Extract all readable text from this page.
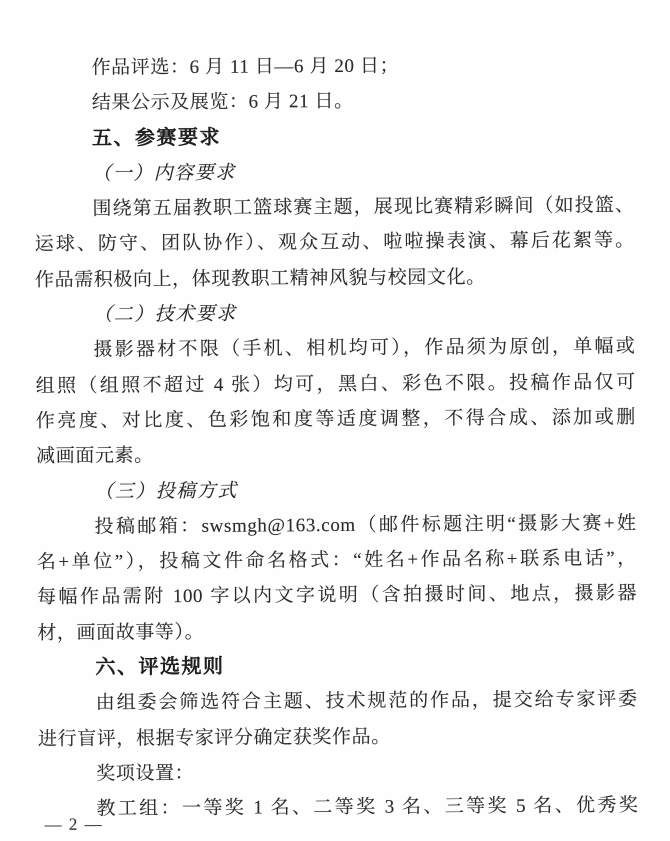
作品评选：6 月 11 日—6 月 20 日；
结果公示及展览：6 月 21 日。
五、参赛要求
（一）内容要求
围绕第五届教职工篮球赛主题，展现比赛精彩瞬间（如投篮、
运球、防守、团队协作）、观众互动、啦啦操表演、幕后花絮等。
作品需积极向上，体现教职工精神风貌与校园文化。
（二）技术要求
摄影器材不限（手机、相机均可），作品须为原创，单幅或
组照（组照不超过 4 张）均可，黑白、彩色不限。投稿作品仅可
作亮度、对比度、色彩饱和度等适度调整，不得合成、添加或删
减画面元素。
（三）投稿方式
投稿邮箱：swsmgh@163.com（邮件标题注明“摄影大赛+姓
名+单位”），投稿文件命名格式：“姓名+作品名称+联系电话”，
每幅作品需附 100 字以内文字说明（含拍摄时间、地点，摄影器
材，画面故事等）。
六、评选规则
由组委会筛选符合主题、技术规范的作品，提交给专家评委
进行盲评，根据专家评分确定获奖作品。
奖项设置：
教工组：一等奖 1 名、二等奖 3 名、三等奖 5 名、优秀奖
— 2 —
